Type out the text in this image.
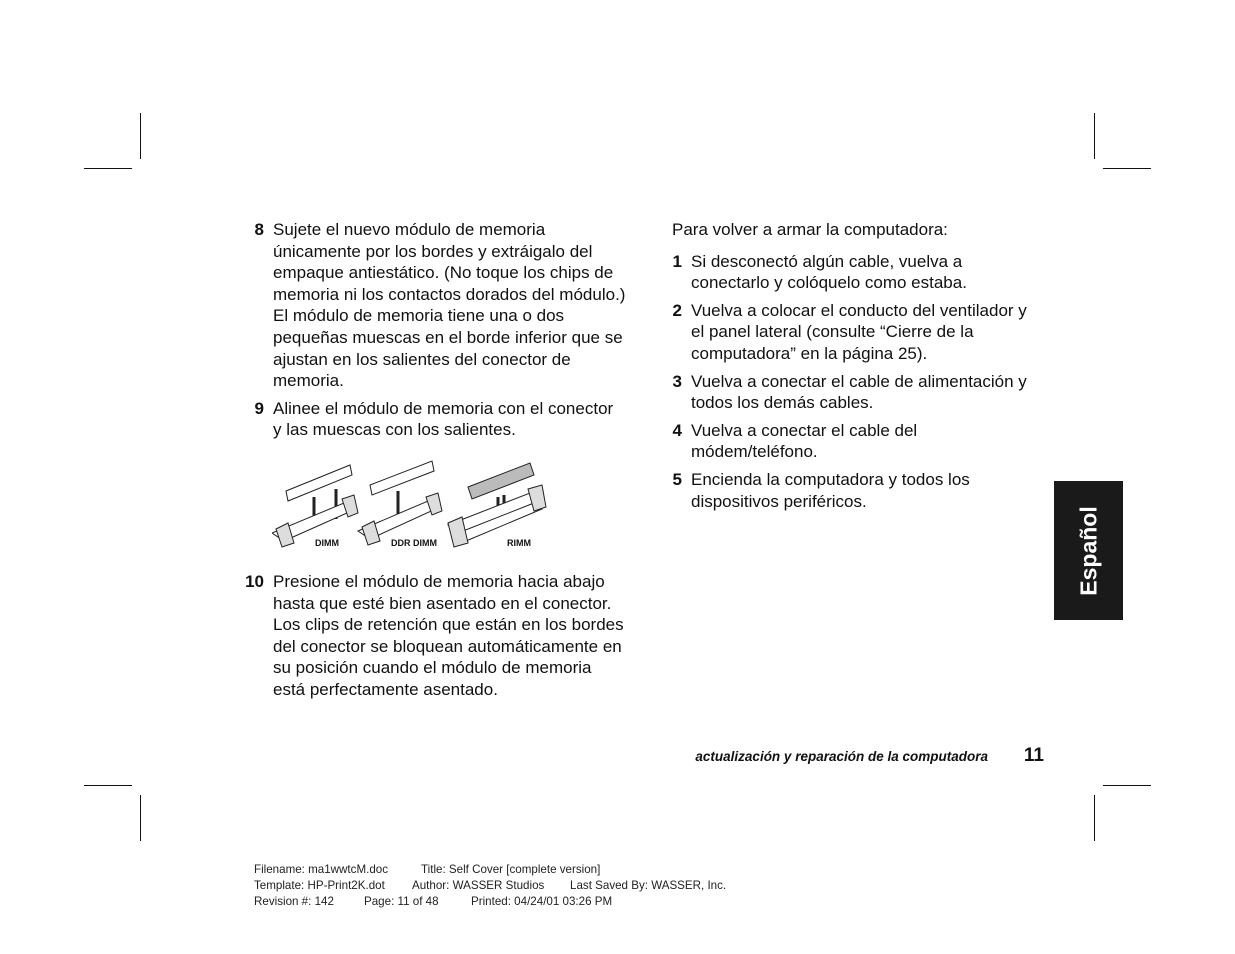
8 Sujete el nuevo módulo de memoria únicamente por los bordes y extráigalo del empaque antiestático. (No toque los chips de memoria ni los contactos dorados del módulo.) El módulo de memoria tiene una o dos pequeñas muescas en el borde inferior que se ajustan en los salientes del conector de memoria.
9 Alinee el módulo de memoria con el conector y las muescas con los salientes.
DIMM	DDR DIMM	RIMM
10 Presione el módulo de memoria hacia abajo hasta que esté bien asentado en el conector. Los clips de retención que están en los bordes del conector se bloquean automáticamente en su posición cuando el módulo de memoria está perfectamente asentado.
Para volver a armar la computadora:
1 Si desconectó algún cable, vuelva a conectarlo y colóquelo como estaba.
2 Vuelva a colocar el conducto del ventilador y el panel lateral (consulte “Cierre de la computadora” en la página 25).
3 Vuelva a conectar el cable de alimentación y todos los demás cables.
4 Vuelva a conectar el cable del módem/teléfono.
5 Encienda la computadora y todos los dispositivos periféricos.
Español
actualización y reparación de la computadora	11
Filename: ma1wwtcM.doc	Title: Self Cover [complete version]
Template: HP-Print2K.dot Author: WASSER Studios Last Saved By: WASSER, Inc.
Revision #: 142	Page: 11 of 48	Printed: 04/24/01 03:26 PM
